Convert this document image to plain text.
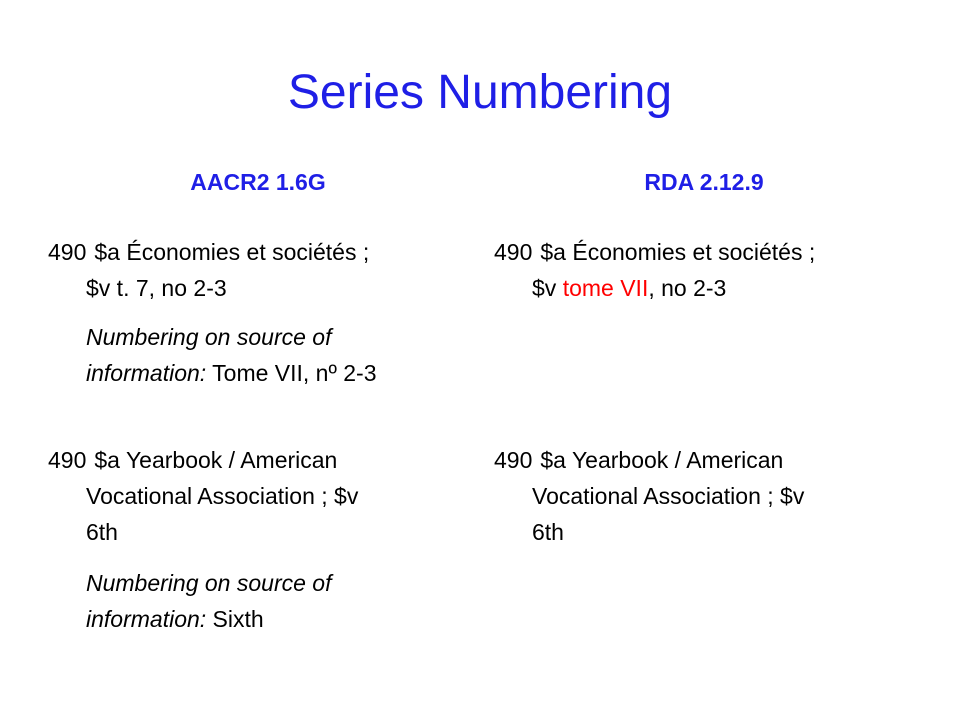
Series Numbering
AACR2 1.6G	RDA 2.12.9
490 $a Économies et sociétés ;
$v t. 7, no 2-3
Numbering on source of
information: Tome VII, nº 2-3
490 $a Yearbook / American
Vocational Association ; $v
6th
Numbering on source of
information: Sixth
490 $a Économies et sociétés ;
$v tome VII, no 2-3
490 $a Yearbook / American
Vocational Association ; $v
6th
